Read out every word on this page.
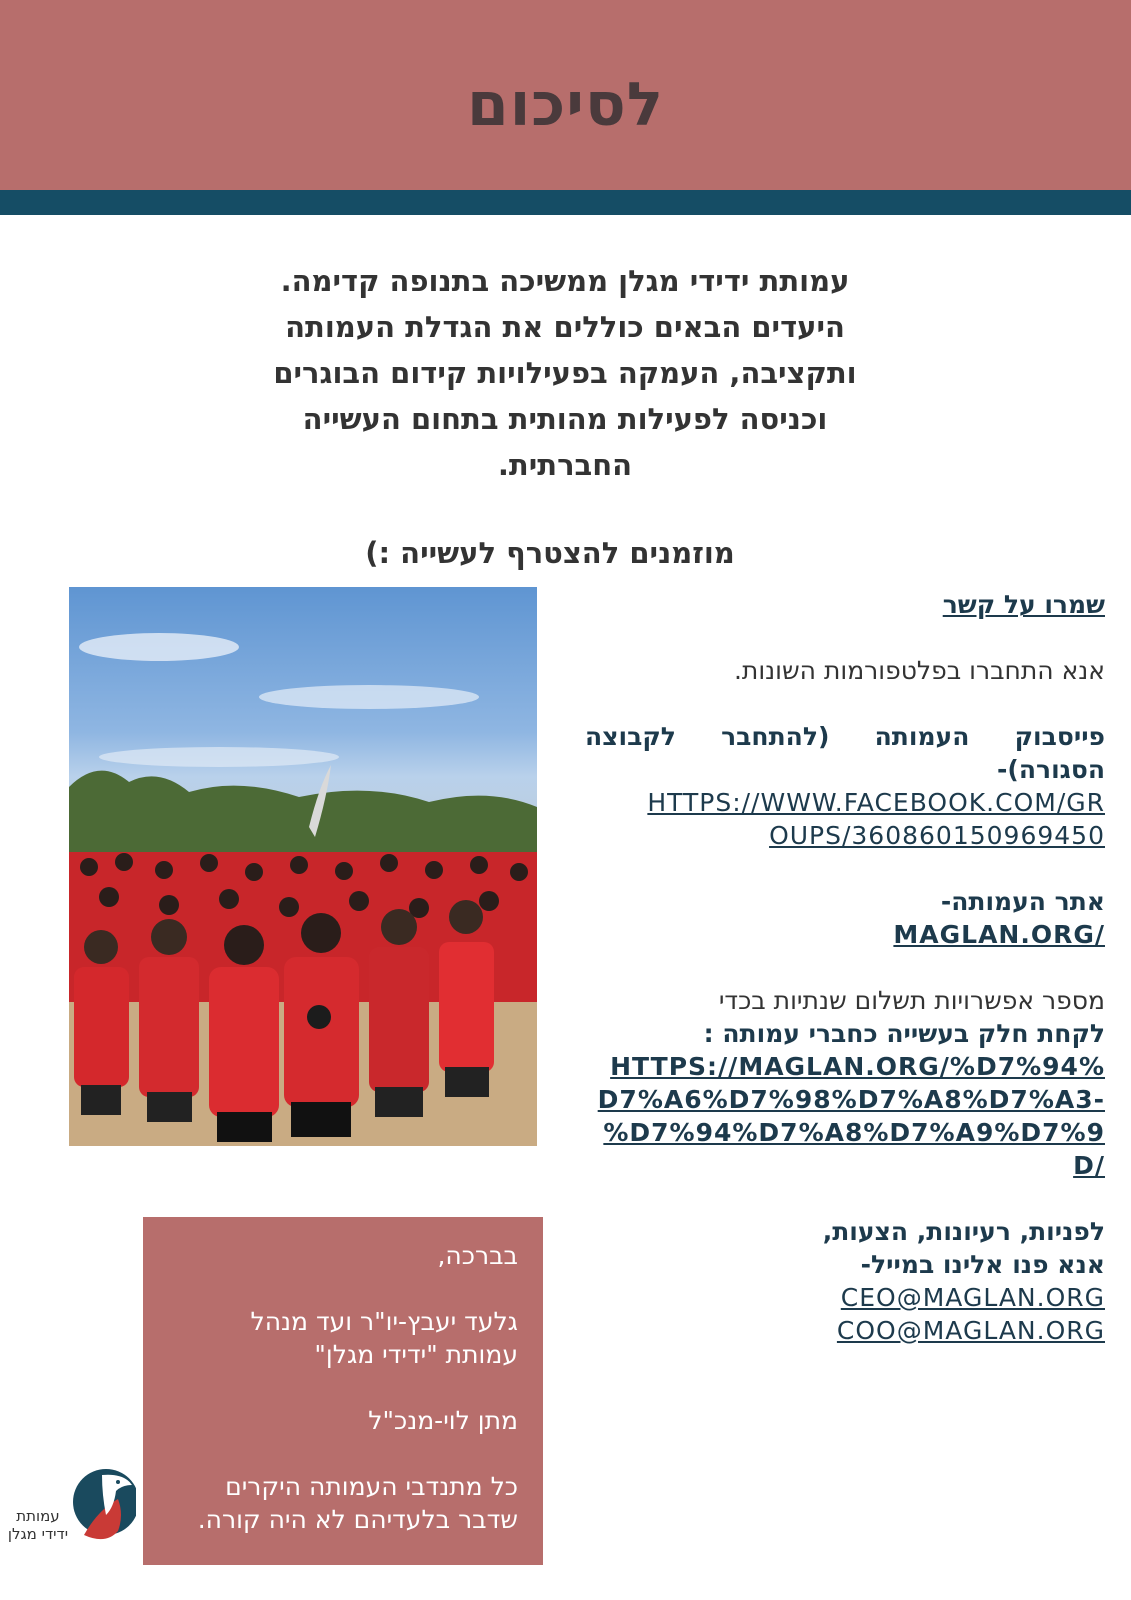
לסיכום
עמותת ידידי מגלן ממשיכה בתנופה קדימה.
היעדים הבאים כוללים את הגדלת העמותה
ותקציבה, העמקה בפעילויות קידום הבוגרים
וכניסה לפעילות מהותית בתחום העשייה
החברתית.
מוזמנים להצטרף לעשייה :)
שמרו על קשר
אנא התחברו בפלטפורמות השונות.
פייסבוק העמותה (להתחבר לקבוצה הסגורה)-
HTTPS://WWW.FACEBOOK.COM/GR
OUPS/360860150969450
אתר העמותה-
MAGLAN.ORG/
מספר אפשרויות תשלום שנתיות בכדי
לקחת חלק בעשייה כחברי עמותה :
HTTPS://MAGLAN.ORG/%D7%94%
D7%A6%D7%98%D7%A8%D7%A3-
%D7%94%D7%A8%D7%A9%D7%9
D/
לפניות, רעיונות, הצעות,
אנא פנו אלינו במייל-
CEO@MAGLAN.ORG
COO@MAGLAN.ORG
בברכה,
גלעד יעבץ-יו"ר ועד מנהל
עמותת "ידידי מגלן"
מתן לוי-מנכ"ל
כל מתנדבי העמותה היקרים
שדבר בלעדיהם לא היה קורה.
עמותת
ידידי מגלן
